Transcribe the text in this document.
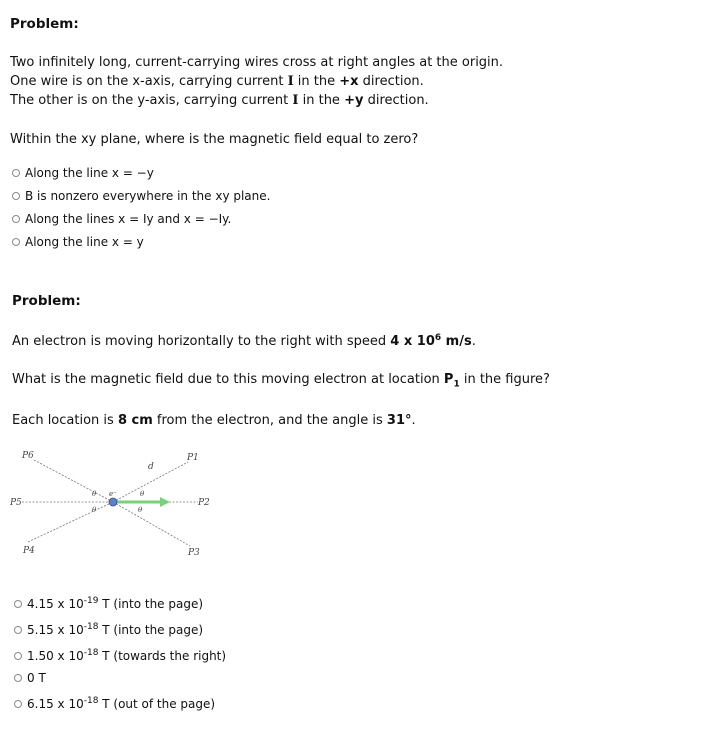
Problem:
Two infinitely long, current-carrying wires cross at right angles at the origin.
One wire is on the x-axis, carrying current I in the +x direction.
The other is on the y-axis, carrying current I in the +y direction.
Within the xy plane, where is the magnetic field equal to zero?
Along the line x = −y
B is nonzero everywhere in the xy plane.
Along the lines x = Iy and x = −Iy.
Along the line x = y
Problem:
An electron is moving horizontally to the right with speed 4 x $10^6$ m/s.
What is the magnetic field due to this moving electron at location $P_1$ in the figure?
Each location is 8 cm from the electron, and the angle is 31°.
P6	P1
P5	P2
P4	P3
d
e⁻
θ
θ
θ
θ
4.15 x $10^{-19}$ T (into the page)
5.15 x $10^{-18}$ T (into the page)
1.50 x $10^{-18}$ T (towards the right)
0 T
6.15 x $10^{-18}$ T (out of the page)
